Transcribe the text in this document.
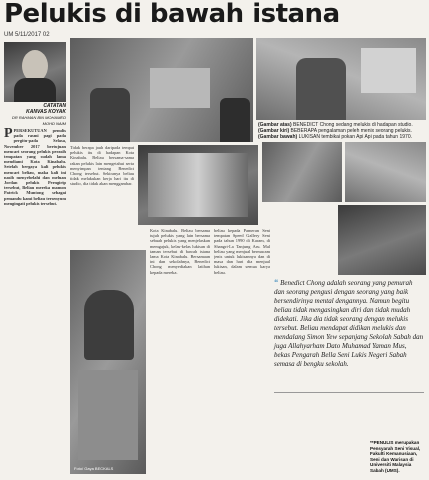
Pelukis di bawah istana
UM 5/11/2017 02
CATATAN
KANVAS KOYAK
DR RAHMAN BIN MOHAMED
MOHD NAIM	(Gambar atas) BENEDICT Chong sedang melukis di hadapan studio.
(Gambar kiri) BEBERAPA pengalaman peleh menix seorang pelukis.
(Gambar bawah) LUKISAN tembikai pokan Api Api pada tahun 1970.
Foto/ Gaya BECKALS

PPERSEKUTUAN penulis pada rasmi pagi pada pergitu-pada Selasa, November 2017 bertujuan mencari seorang pelukis perasih tempatan yang sudah lama mendiami Kota Kinabalu. Setelah bergaya kali pelukis mencari beliau, maka kali ini nasib menyebelahi dan meluan Jordan pelukis Perngirip tersebut, Beliau mereka mamon Patrick Muntong sebagai pemandu kami beliau tersenyum mengingati pelukis tersebut.

Tidak berapa jauh daripada tempat pelukis itu di hadapan Kota Kinabalu. Beliau bersama-sama rakan pelukis lain mengetahui serta menyimpan tentang Benedict Chong tersebut. Sekiranya beliau tidak melakukan kerja hari itu di studio, dia tidak akan menggambar.

Kota Kinabalu. Beliau bersama tujuh pelukis yang lain bersama sebuah pelukis yang menjelaskan memgajuk, kelas-kelas lukisan di taman tersebut di bawah istana lama Kota Kinabalu. Bersamaan ini dan sekolahnya, Benedict Chong menyediakan latihan kepada mereka.

beliau kepada Pameran Seni tempatan Speed Gallery Seni pada tahun 1990 di Karam, di Shangri-La Tanjung Aru. Mal beliau yang menjual bermacam jenis untuk lukisannya dan di masa dan hari dia menjual lukisan, dalam semua karya beliau.

❝ Benedict Chong adalah seorang yang pemurah dan seorang pengusi dengan seorang yang baik bersendirinya mental dengannya. Namun begitu beliau tidak mengasingkan diri dan tidak mudah didekati. Jika dia tidak seorang dengan melukis tersebut. Beliau mendapat didikan melukis dan mendalang Simon Yew sepanjang Sekolah Sabah dan juga Allahyarham Dato Muhamad Yaman Mus, bekas Pengarah Bella Seni Lukis Negeri Sabah semasa di bengku sekolah.
**PENULIS merupakan Pensyarah Seni Visual, Fakulti Kemanusiaan, Seni dan Warisan di Universiti Malaysia Sabah (UMS).
